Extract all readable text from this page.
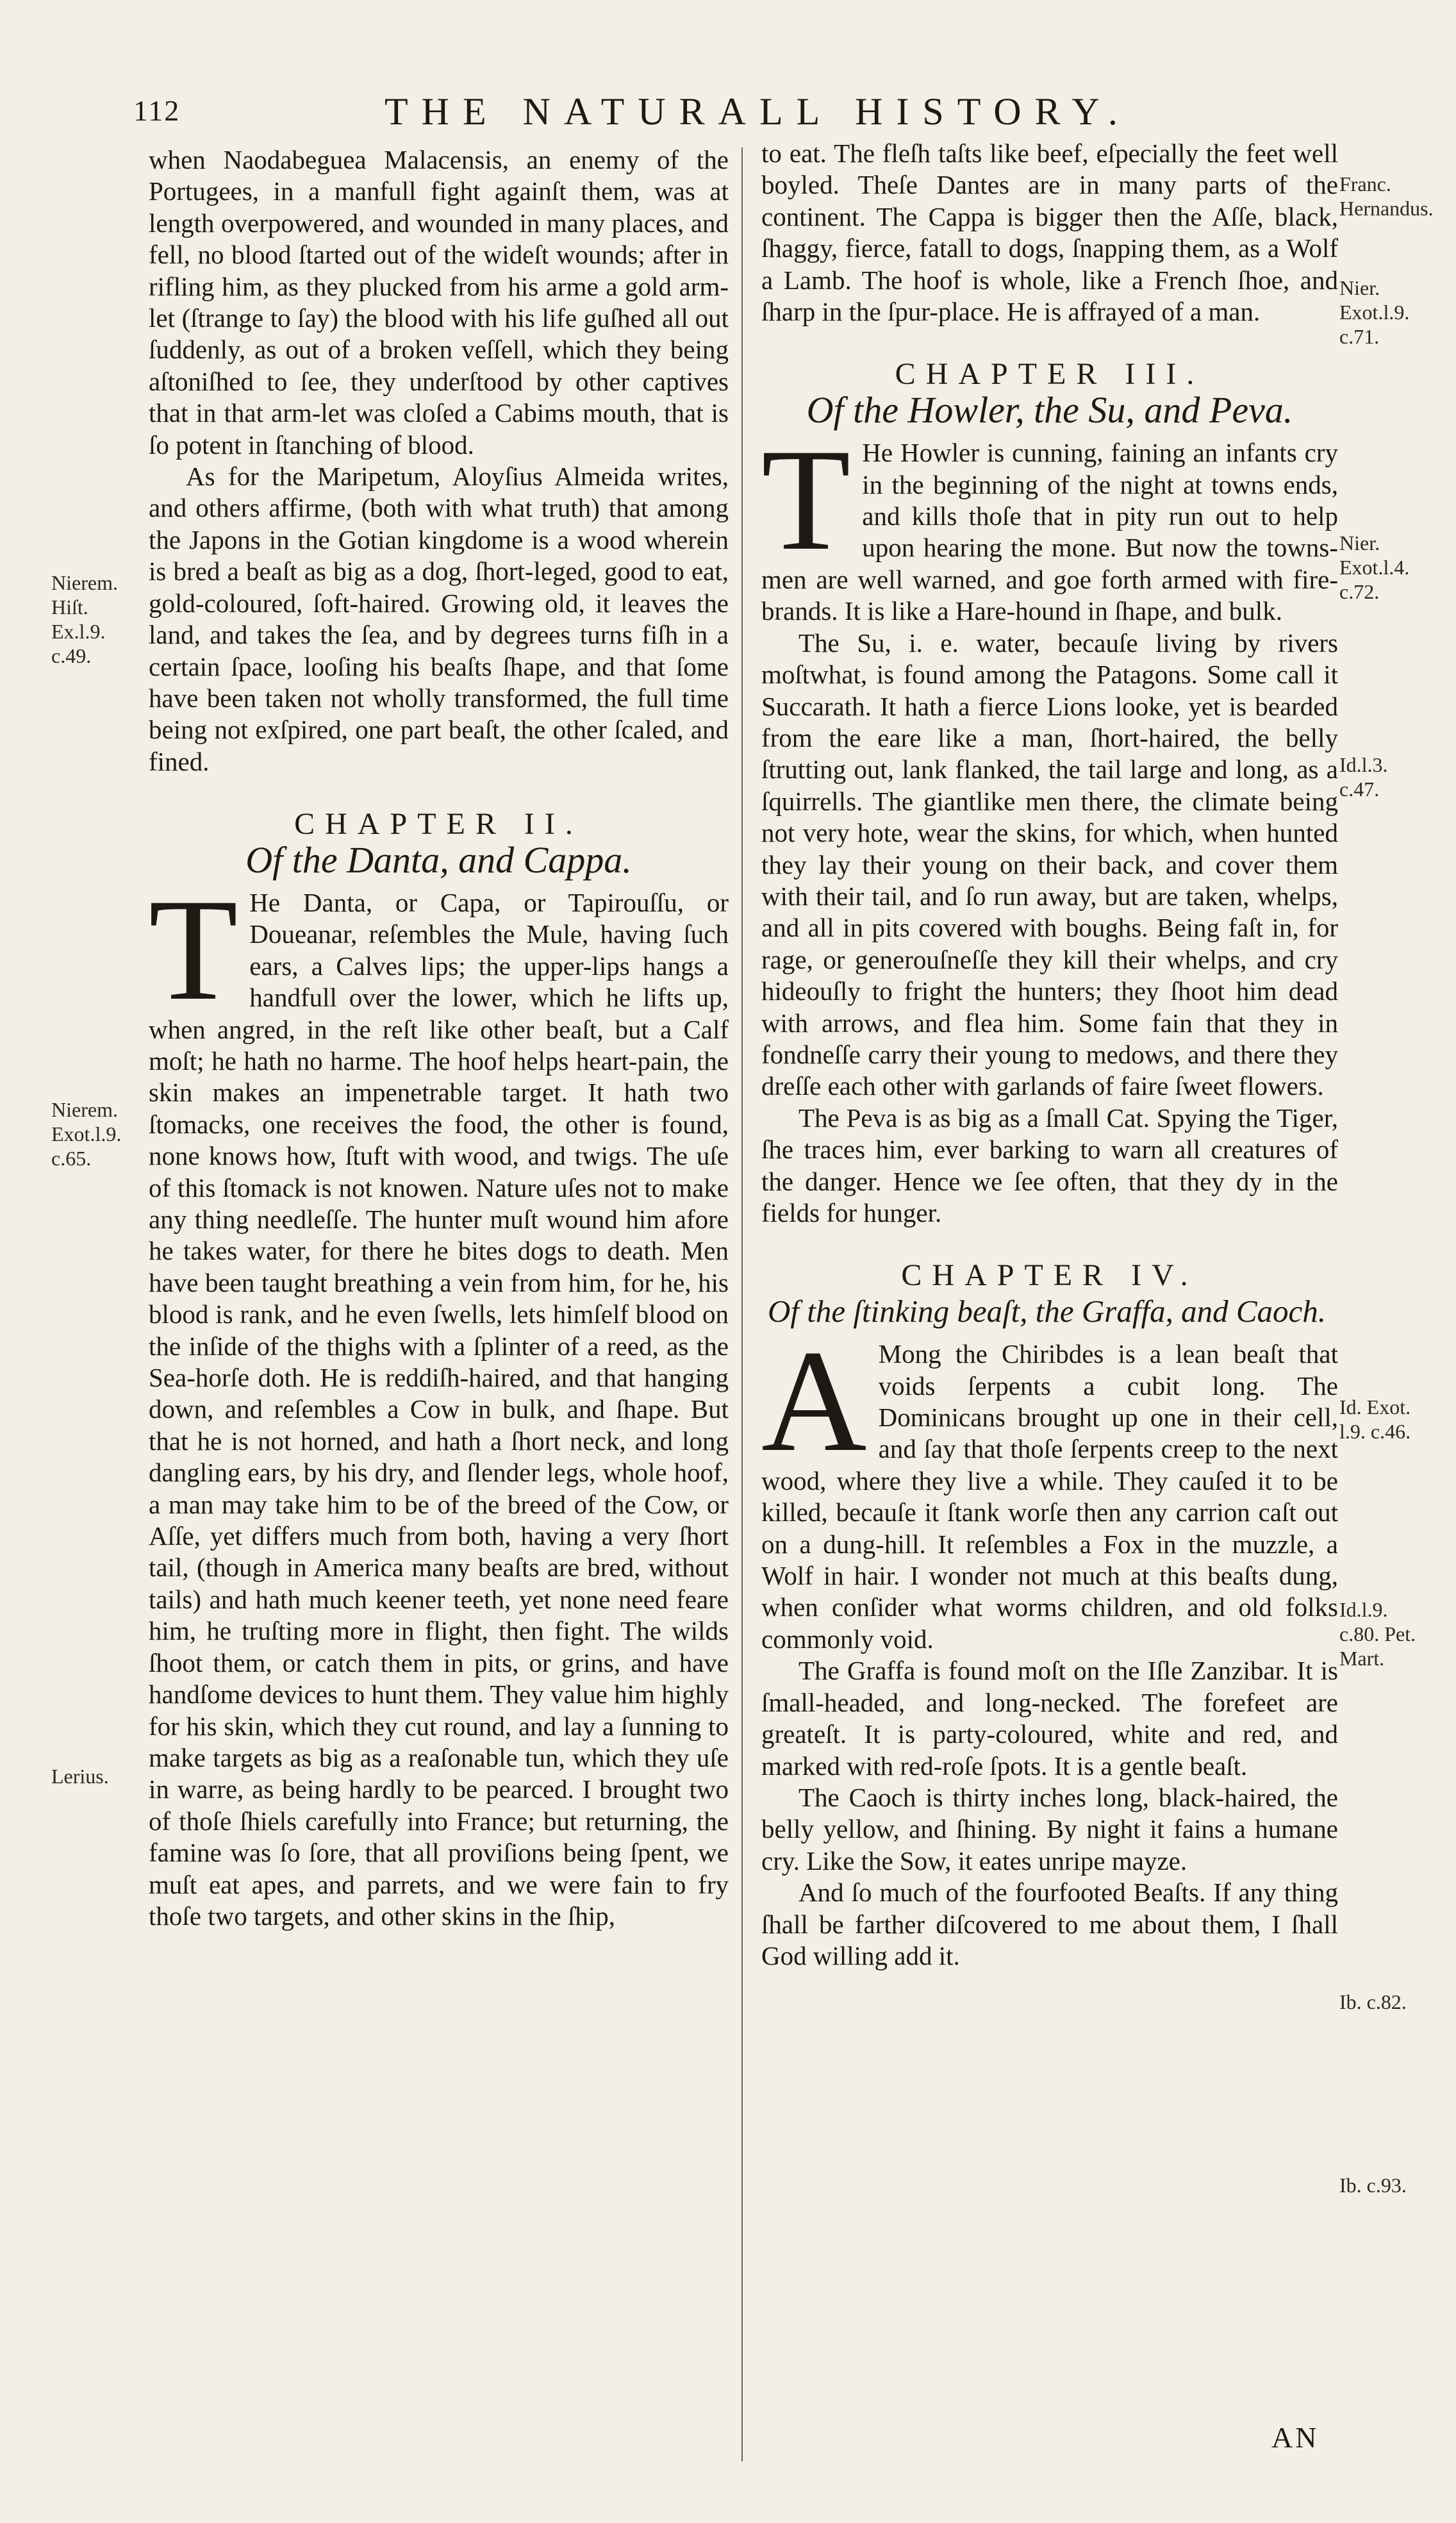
112	THE NATURALL HISTORY.
Nierem. Hiſt. Ex.l.9. c.49.
Nierem. Exot.l.9. c.65.
Lerius.
Franc. Hernandus.
Nier. Exot.l.9. c.71.
Nier. Exot.l.4. c.72.
Id.l.3. c.47.
Id. Exot. l.9. c.46.
Id.l.9. c.80. Pet. Mart.
Ib. c.82.
Ib. c.93.

when Naodabeguea Malacensis, an enemy of the Portugees, in a manfull fight againſt them, was at length overpowered, and wounded in many places, and fell, no blood ſtarted out of the wideſt wounds; after in rifling him, as they plucked from his arme a gold arm-let (ſtrange to ſay) the blood with his life guſhed all out ſuddenly, as out of a broken veſſell, which they being aſtoniſhed to ſee, they underſtood by other captives that in that arm-let was cloſed a Cabims mouth, that is ſo potent in ſtanching of blood.

As for the Maripetum, Aloyſius Almeida writes, and others affirme, (both with what truth) that among the Japons in the Gotian kingdome is a wood wherein is bred a beaſt as big as a dog, ſhort-leged, good to eat, gold-coloured, ſoft-haired. Growing old, it leaves the land, and takes the ſea, and by degrees turns fiſh in a certain ſpace, looſing his beaſts ſhape, and that ſome have been taken not wholly transformed, the full time being not exſpired, one part beaſt, the other ſcaled, and fined.

CHAPTER II.
Of the Danta, and Cappa.

T He Danta, or Capa, or Tapirouſſu, or Doueanar, reſembles the Mule, having ſuch ears, a Calves lips; the upper-lips hangs a handfull over the lower, which he lifts up, when angred, in the reſt like other beaſt, but a Calf moſt; he hath no harme. The hoof helps heart-pain, the skin makes an impenetrable target. It hath two ſtomacks, one receives the food, the other is found, none knows how, ſtuft with wood, and twigs. The uſe of this ſtomack is not knowen. Nature uſes not to make any thing needleſſe. The hunter muſt wound him afore he takes water, for there he bites dogs to death. Men have been taught breathing a vein from him, for he, his blood is rank, and he even ſwells, lets himſelf blood on the inſide of the thighs with a ſplinter of a reed, as the Sea-horſe doth. He is reddiſh-haired, and that hanging down, and reſembles a Cow in bulk, and ſhape. But that he is not horned, and hath a ſhort neck, and long dangling ears, by his dry, and ſlender legs, whole hoof, a man may take him to be of the breed of the Cow, or Aſſe, yet differs much from both, having a very ſhort tail, (though in America many beaſts are bred, without tails) and hath much keener teeth, yet none need feare him, he truſting more in flight, then fight. The wilds ſhoot them, or catch them in pits, or grins, and have handſome devices to hunt them. They value him highly for his skin, which they cut round, and lay a ſunning to make targets as big as a reaſonable tun, which they uſe in warre, as being hardly to be pearced. I brought two of thoſe ſhiels carefully into France; but returning, the famine was ſo ſore, that all proviſions being ſpent, we muſt eat apes, and parrets, and we were fain to fry thoſe two targets, and other skins in the ſhip,

to eat. The fleſh taſts like beef, eſpecially the feet well boyled. Theſe Dantes are in many parts of the continent. The Cappa is bigger then the Aſſe, black, ſhaggy, fierce, fatall to dogs, ſnapping them, as a Wolf a Lamb. The hoof is whole, like a French ſhoe, and ſharp in the ſpur-place. He is affrayed of a man.

CHAPTER III.
Of the Howler, the Su, and Peva.

T He Howler is cunning, faining an infants cry in the beginning of the night at towns ends, and kills thoſe that in pity run out to help upon hearing the mone. But now the towns-men are well warned, and goe forth armed with fire-brands. It is like a Hare-hound in ſhape, and bulk.

The Su, i. e. water, becauſe living by rivers moſtwhat, is found among the Patagons. Some call it Succarath. It hath a fierce Lions looke, yet is bearded from the eare like a man, ſhort-haired, the belly ſtrutting out, lank flanked, the tail large and long, as a ſquirrells. The giantlike men there, the climate being not very hote, wear the skins, for which, when hunted they lay their young on their back, and cover them with their tail, and ſo run away, but are taken, whelps, and all in pits covered with boughs. Being faſt in, for rage, or generouſneſſe they kill their whelps, and cry hideouſly to fright the hunters; they ſhoot him dead with arrows, and flea him. Some fain that they in fondneſſe carry their young to medows, and there they dreſſe each other with garlands of faire ſweet flowers.

The Peva is as big as a ſmall Cat. Spying the Tiger, ſhe traces him, ever barking to warn all creatures of the danger. Hence we ſee often, that they dy in the fields for hunger.

CHAPTER IV.
Of the ſtinking beaſt, the Graffa, and Caoch.

A Mong the Chiribdes is a lean beaſt that voids ſerpents a cubit long. The Dominicans brought up one in their cell, and ſay that thoſe ſerpents creep to the next wood, where they live a while. They cauſed it to be killed, becauſe it ſtank worſe then any carrion caſt out on a dung-hill. It reſembles a Fox in the muzzle, a Wolf in hair. I wonder not much at this beaſts dung, when conſider what worms children, and old folks commonly void.

The Graffa is found moſt on the Iſle Zanzibar. It is ſmall-headed, and long-necked. The forefeet are greateſt. It is party-coloured, white and red, and marked with red-roſe ſpots. It is a gentle beaſt.

The Caoch is thirty inches long, black-haired, the belly yellow, and ſhining. By night it fains a humane cry. Like the Sow, it eates unripe mayze.

And ſo much of the fourfooted Beaſts. If any thing ſhall be farther diſcovered to me about them, I ſhall God willing add it.

AN
